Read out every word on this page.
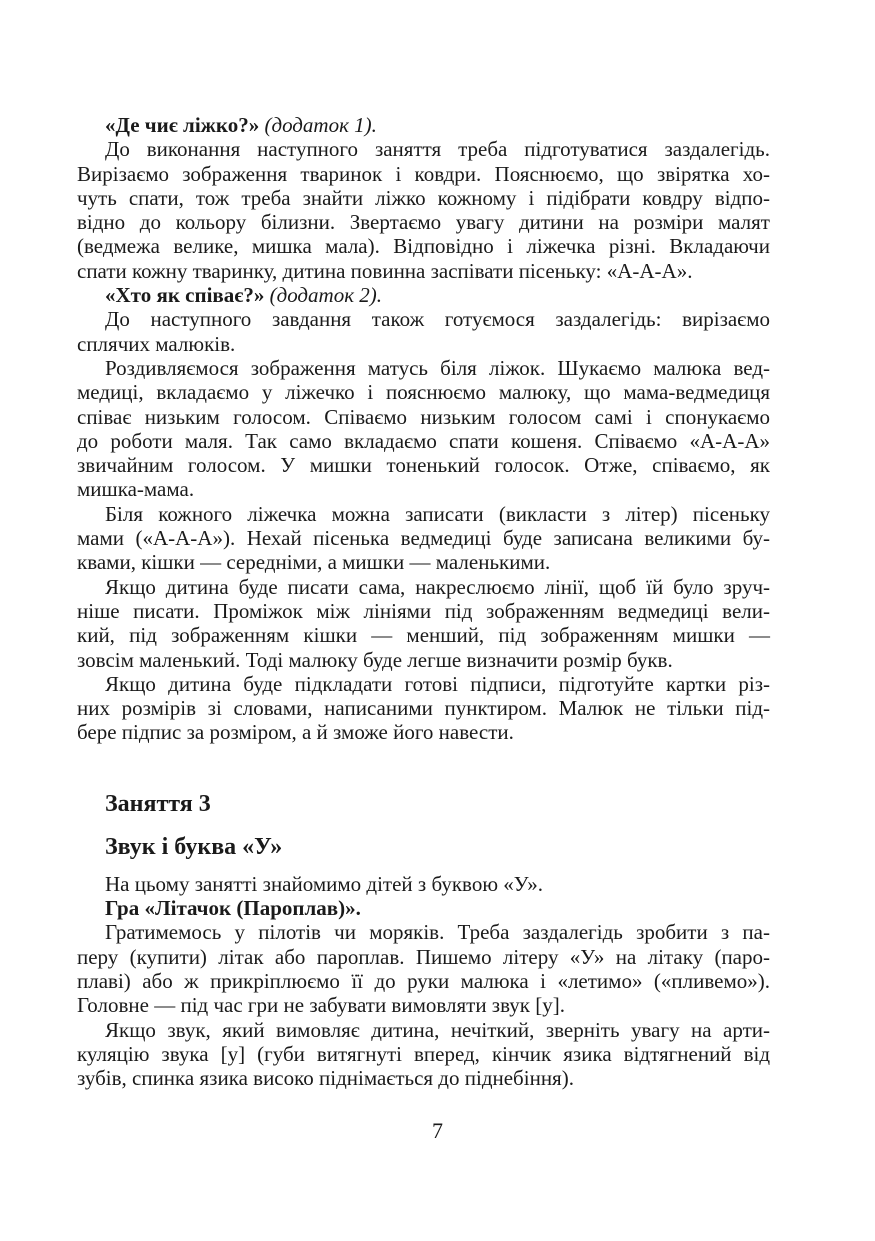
«Де чиє ліжко?» (додаток 1).
До виконання наступного заняття треба підготуватися заздалегідь.
Вирізаємо зображення тваринок і ковдри. Пояснюємо, що звірятка хо-
чуть спати, тож треба знайти ліжко кожному і підібрати ковдру відпо-
відно до кольору білизни. Звертаємо увагу дитини на розміри малят
(ведмежа велике, мишка мала). Відповідно і ліжечка різні. Вкладаючи
спати кожну тваринку, дитина повинна заспівати пісеньку: «А-А-А».
«Хто як співає?» (додаток 2).
До наступного завдання також готуємося заздалегідь: вирізаємо
сплячих малюків.
Роздивляємося зображення матусь біля ліжок. Шукаємо малюка вед-
медиці, вкладаємо у ліжечко і пояснюємо малюку, що мама-ведмедиця
співає низьким голосом. Співаємо низьким голосом самі і спонукаємо
до роботи маля. Так само вкладаємо спати кошеня. Співаємо «А-А-А»
звичайним голосом. У мишки тоненький голосок. Отже, співаємо, як
мишка-мама.
Біля кожного ліжечка можна записати (викласти з літер) пісеньку
мами («А-А-А»). Нехай пісенька ведмедиці буде записана великими бу-
квами, кішки — середніми, а мишки — маленькими.
Якщо дитина буде писати сама, накреслюємо лінії, щоб їй було зруч-
ніше писати. Проміжок між лініями під зображенням ведмедиці вели-
кий, під зображенням кішки — менший, під зображенням мишки —
зовсім маленький. Тоді малюку буде легше визначити розмір букв.
Якщо дитина буде підкладати готові підписи, підготуйте картки різ-
них розмірів зі словами, написаними пунктиром. Малюк не тільки під-
бере підпис за розміром, а й зможе його навести.

Заняття 3

Звук і буква «У»

На цьому занятті знайомимо дітей з буквою «У».
Гра «Літачок (Пароплав)».
Гратимемось у пілотів чи моряків. Треба заздалегідь зробити з па-
перу (купити) літак або пароплав. Пишемо літеру «У» на літаку (паро-
плаві) або ж прикріплюємо її до руки малюка і «летимо» («пливемо»).
Головне — під час гри не забувати вимовляти звук [у].
Якщо звук, який вимовляє дитина, нечіткий, зверніть увагу на арти-
куляцію звука [у] (губи витягнуті вперед, кінчик язика відтягнений від
зубів, спинка язика високо піднімається до піднебіння).
7
